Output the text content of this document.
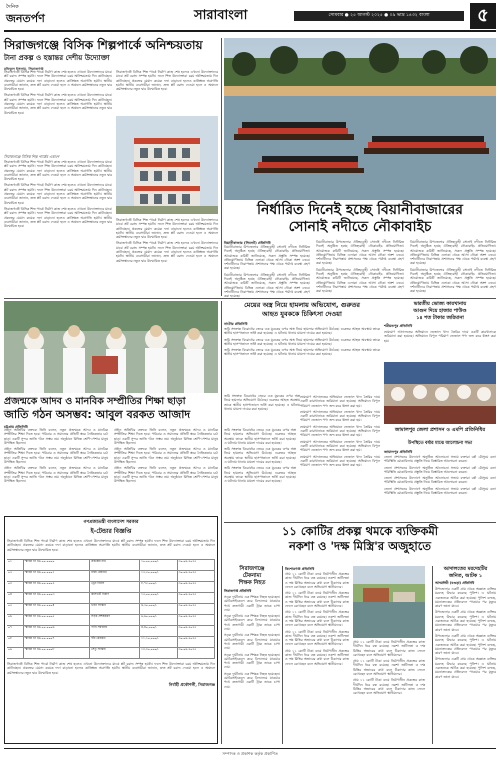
দৈনিক
জনতর্পণ	সারাবাংলা	সোমবার ● ২৫ আগস্ট ২০২৫ ● ০৯ ভাদ্র ১৪৩২ বাংলা	৫
সিরাজগঞ্জে বিসিক শিল্পপার্কে অনিশ্চয়তায়
টানা প্রকল্প ও হস্তান্তর দেশীয় উদ্যোক্তা
রফিকুল ইসলাম, সিরাজগঞ্জ

সিরাজগঞ্জে বিসিক শিল্প পার্কে নির্মাণ কাজ শেষ হলেও এখনো উদ্যোক্তাদের মাঝে প্লট বরাদ্দ সম্পন্ন হয়নি। ফলে শিল্প উদ্যোক্তারা চরম অনিশ্চয়তায় দিন কাটাচ্ছেন। প্রকল্পের মেয়াদ কয়েক দফা বাড়ানো হলেও কাঙ্ক্ষিত অগ্রগতি হয়নি। স্থানীয় ব্যবসায়ীরা জানান, দ্রুত প্লট বরাদ্দ দেওয়া হলে এ অঞ্চলে কর্মসংস্থানের নতুন দ্বার উন্মোচিত হবে।

সিরাজগঞ্জে বিসিক শিল্প পার্কে নির্মাণ কাজ শেষ হলেও এখনো উদ্যোক্তাদের মাঝে প্লট বরাদ্দ সম্পন্ন হয়নি। ফলে শিল্প উদ্যোক্তারা চরম অনিশ্চয়তায় দিন কাটাচ্ছেন। প্রকল্পের মেয়াদ কয়েক দফা বাড়ানো হলেও কাঙ্ক্ষিত অগ্রগতি হয়নি। স্থানীয় ব্যবসায়ীরা জানান, দ্রুত প্লট বরাদ্দ দেওয়া হলে এ অঞ্চলে কর্মসংস্থানের নতুন দ্বার উন্মোচিত হবে।

সিরাজগঞ্জে বিসিক শিল্প পার্কে নির্মাণ কাজ শেষ হলেও এখনো উদ্যোক্তাদের মাঝে প্লট বরাদ্দ সম্পন্ন হয়নি। ফলে শিল্প উদ্যোক্তারা চরম অনিশ্চয়তায় দিন কাটাচ্ছেন। প্রকল্পের মেয়াদ কয়েক দফা বাড়ানো হলেও কাঙ্ক্ষিত অগ্রগতি হয়নি। স্থানীয় ব্যবসায়ীরা জানান, দ্রুত প্লট বরাদ্দ দেওয়া হলে এ অঞ্চলে কর্মসংস্থানের নতুন দ্বার উন্মোচিত হবে।

সিরাজগঞ্জে বিসিক শিল্প পার্কের একাংশ

সিরাজগঞ্জে বিসিক শিল্প পার্কে নির্মাণ কাজ শেষ হলেও এখনো উদ্যোক্তাদের মাঝে প্লট বরাদ্দ সম্পন্ন হয়নি। ফলে শিল্প উদ্যোক্তারা চরম অনিশ্চয়তায় দিন কাটাচ্ছেন। প্রকল্পের মেয়াদ কয়েক দফা বাড়ানো হলেও কাঙ্ক্ষিত অগ্রগতি হয়নি। স্থানীয় ব্যবসায়ীরা জানান, দ্রুত প্লট বরাদ্দ দেওয়া হলে এ অঞ্চলে কর্মসংস্থানের নতুন দ্বার উন্মোচিত হবে।

সিরাজগঞ্জে বিসিক শিল্প পার্কে নির্মাণ কাজ শেষ হলেও এখনো উদ্যোক্তাদের মাঝে প্লট বরাদ্দ সম্পন্ন হয়নি। ফলে শিল্প উদ্যোক্তারা চরম অনিশ্চয়তায় দিন কাটাচ্ছেন। প্রকল্পের মেয়াদ কয়েক দফা বাড়ানো হলেও কাঙ্ক্ষিত অগ্রগতি হয়নি। স্থানীয় ব্যবসায়ীরা জানান, দ্রুত প্লট বরাদ্দ দেওয়া হলে এ অঞ্চলে কর্মসংস্থানের নতুন দ্বার উন্মোচিত হবে।

সিরাজগঞ্জে বিসিক শিল্প পার্কে নির্মাণ কাজ শেষ হলেও এখনো উদ্যোক্তাদের মাঝে প্লট বরাদ্দ সম্পন্ন হয়নি। ফলে শিল্প উদ্যোক্তারা চরম অনিশ্চয়তায় দিন কাটাচ্ছেন। প্রকল্পের মেয়াদ কয়েক দফা বাড়ানো হলেও কাঙ্ক্ষিত অগ্রগতি হয়নি। স্থানীয় ব্যবসায়ীরা জানান, দ্রুত প্লট বরাদ্দ দেওয়া হলে এ অঞ্চলে কর্মসংস্থানের নতুন দ্বার উন্মোচিত হবে।

সিরাজগঞ্জে বিসিক শিল্প পার্কে নির্মাণ কাজ শেষ হলেও এখনো উদ্যোক্তাদের মাঝে প্লট বরাদ্দ সম্পন্ন হয়নি। ফলে শিল্প উদ্যোক্তারা চরম অনিশ্চয়তায় দিন কাটাচ্ছেন। প্রকল্পের মেয়াদ কয়েক দফা বাড়ানো হলেও কাঙ্ক্ষিত অগ্রগতি হয়নি। স্থানীয় ব্যবসায়ীরা জানান, দ্রুত প্লট বরাদ্দ দেওয়া হলে এ অঞ্চলে কর্মসংস্থানের নতুন দ্বার উন্মোচিত হবে।

সিরাজগঞ্জে বিসিক শিল্প পার্কে নির্মাণ কাজ শেষ হলেও এখনো উদ্যোক্তাদের মাঝে প্লট বরাদ্দ সম্পন্ন হয়নি। ফলে শিল্প উদ্যোক্তারা চরম অনিশ্চয়তায় দিন কাটাচ্ছেন। প্রকল্পের মেয়াদ কয়েক দফা বাড়ানো হলেও কাঙ্ক্ষিত অগ্রগতি হয়নি। স্থানীয় ব্যবসায়ীরা জানান, দ্রুত প্লট বরাদ্দ দেওয়া হলে এ অঞ্চলে কর্মসংস্থানের নতুন দ্বার উন্মোচিত হবে।

নির্ধারিত দিনেই হচ্ছে বিয়ানীবাজারের
সোনাই নদীতে নৌকাবাইচ
বিয়ানীবাজার (সিলেট) প্রতিনিধি

বিয়ানীবাজার উপজেলার ঐতিহ্যবাহী সোনাই নদীতে নির্ধারিত দিনেই অনুষ্ঠিত হচ্ছে ঐতিহ্যবাহী নৌকাবাইচ প্রতিযোগিতা। আয়োজক কমিটি জানিয়েছে, সকল প্রস্তুতি সম্পন্ন হয়েছে। প্রতিযোগিতায় বিভিন্ন এলাকা থেকে আসা নৌকা অংশ নেবে। দর্শনার্থীদের নিরাপত্তায় প্রশাসনের পক্ষ থেকে পর্যাপ্ত ব্যবস্থা গ্রহণ করা হয়েছে।

বিয়ানীবাজার উপজেলার ঐতিহ্যবাহী সোনাই নদীতে নির্ধারিত দিনেই অনুষ্ঠিত হচ্ছে ঐতিহ্যবাহী নৌকাবাইচ প্রতিযোগিতা। আয়োজক কমিটি জানিয়েছে, সকল প্রস্তুতি সম্পন্ন হয়েছে। প্রতিযোগিতায় বিভিন্ন এলাকা থেকে আসা নৌকা অংশ নেবে। দর্শনার্থীদের নিরাপত্তায় প্রশাসনের পক্ষ থেকে পর্যাপ্ত ব্যবস্থা গ্রহণ করা হয়েছে।

বিয়ানীবাজার উপজেলার ঐতিহ্যবাহী সোনাই নদীতে নির্ধারিত দিনেই অনুষ্ঠিত হচ্ছে ঐতিহ্যবাহী নৌকাবাইচ প্রতিযোগিতা। আয়োজক কমিটি জানিয়েছে, সকল প্রস্তুতি সম্পন্ন হয়েছে। প্রতিযোগিতায় বিভিন্ন এলাকা থেকে আসা নৌকা অংশ নেবে। দর্শনার্থীদের নিরাপত্তায় প্রশাসনের পক্ষ থেকে পর্যাপ্ত ব্যবস্থা গ্রহণ করা হয়েছে।

বিয়ানীবাজার উপজেলার ঐতিহ্যবাহী সোনাই নদীতে নির্ধারিত দিনেই অনুষ্ঠিত হচ্ছে ঐতিহ্যবাহী নৌকাবাইচ প্রতিযোগিতা। আয়োজক কমিটি জানিয়েছে, সকল প্রস্তুতি সম্পন্ন হয়েছে। প্রতিযোগিতায় বিভিন্ন এলাকা থেকে আসা নৌকা অংশ নেবে। দর্শনার্থীদের নিরাপত্তায় প্রশাসনের পক্ষ থেকে পর্যাপ্ত ব্যবস্থা গ্রহণ করা হয়েছে।

বিয়ানীবাজার উপজেলার ঐতিহ্যবাহী সোনাই নদীতে নির্ধারিত দিনেই অনুষ্ঠিত হচ্ছে ঐতিহ্যবাহী নৌকাবাইচ প্রতিযোগিতা। আয়োজক কমিটি জানিয়েছে, সকল প্রস্তুতি সম্পন্ন হয়েছে। প্রতিযোগিতায় বিভিন্ন এলাকা থেকে আসা নৌকা অংশ নেবে। দর্শনার্থীদের নিরাপত্তায় প্রশাসনের পক্ষ থেকে পর্যাপ্ত ব্যবস্থা গ্রহণ করা হয়েছে।

বিয়ানীবাজার উপজেলার ঐতিহ্যবাহী সোনাই নদীতে নির্ধারিত দিনেই অনুষ্ঠিত হচ্ছে ঐতিহ্যবাহী নৌকাবাইচ প্রতিযোগিতা। আয়োজক কমিটি জানিয়েছে, সকল প্রস্তুতি সম্পন্ন হয়েছে। প্রতিযোগিতায় বিভিন্ন এলাকা থেকে আসা নৌকা অংশ নেবে। দর্শনার্থীদের নিরাপত্তায় প্রশাসনের পক্ষ থেকে পর্যাপ্ত ব্যবস্থা গ্রহণ করা হয়েছে।

প্রজন্মকে আদব ও মানবিক সম্প্রীতির শিক্ষা ছাড়া
জাতি গঠন অসম্ভব: আবুল বরকত আজাদ
চট্টগ্রাম প্রতিনিধি

প্রধান অতিথির বক্তব্যে তিনি বলেন, নতুন প্রজন্মকে আদব ও মানবিক সম্প্রীতির শিক্ষা দিতে হবে। পরিবার ও সমাজের প্রতিটি স্তরে নৈতিকতার চর্চা ছাড়া একটি সুন্দর জাতি গঠন সম্ভব নয়। অনুষ্ঠানে বিভিন্ন শ্রেণি-পেশার মানুষ উপস্থিত ছিলেন।

প্রধান অতিথির বক্তব্যে তিনি বলেন, নতুন প্রজন্মকে আদব ও মানবিক সম্প্রীতির শিক্ষা দিতে হবে। পরিবার ও সমাজের প্রতিটি স্তরে নৈতিকতার চর্চা ছাড়া একটি সুন্দর জাতি গঠন সম্ভব নয়। অনুষ্ঠানে বিভিন্ন শ্রেণি-পেশার মানুষ উপস্থিত ছিলেন।

প্রধান অতিথির বক্তব্যে তিনি বলেন, নতুন প্রজন্মকে আদব ও মানবিক সম্প্রীতির শিক্ষা দিতে হবে। পরিবার ও সমাজের প্রতিটি স্তরে নৈতিকতার চর্চা ছাড়া একটি সুন্দর জাতি গঠন সম্ভব নয়। অনুষ্ঠানে বিভিন্ন শ্রেণি-পেশার মানুষ উপস্থিত ছিলেন।

প্রধান অতিথির বক্তব্যে তিনি বলেন, নতুন প্রজন্মকে আদব ও মানবিক সম্প্রীতির শিক্ষা দিতে হবে। পরিবার ও সমাজের প্রতিটি স্তরে নৈতিকতার চর্চা ছাড়া একটি সুন্দর জাতি গঠন সম্ভব নয়। অনুষ্ঠানে বিভিন্ন শ্রেণি-পেশার মানুষ উপস্থিত ছিলেন।

প্রধান অতিথির বক্তব্যে তিনি বলেন, নতুন প্রজন্মকে আদব ও মানবিক সম্প্রীতির শিক্ষা দিতে হবে। পরিবার ও সমাজের প্রতিটি স্তরে নৈতিকতার চর্চা ছাড়া একটি সুন্দর জাতি গঠন সম্ভব নয়। অনুষ্ঠানে বিভিন্ন শ্রেণি-পেশার মানুষ উপস্থিত ছিলেন।

প্রধান অতিথির বক্তব্যে তিনি বলেন, নতুন প্রজন্মকে আদব ও মানবিক সম্প্রীতির শিক্ষা দিতে হবে। পরিবার ও সমাজের প্রতিটি স্তরে নৈতিকতার চর্চা ছাড়া একটি সুন্দর জাতি গঠন সম্ভব নয়। অনুষ্ঠানে বিভিন্ন শ্রেণি-পেশার মানুষ উপস্থিত ছিলেন।

গণপ্রজাতন্ত্রী বাংলাদেশ সরকার
ই-টেন্ডার বিজ্ঞপ্তি

সিরাজগঞ্জে বিসিক শিল্প পার্কে নির্মাণ কাজ শেষ হলেও এখনো উদ্যোক্তাদের মাঝে প্লট বরাদ্দ সম্পন্ন হয়নি। ফলে শিল্প উদ্যোক্তারা চরম অনিশ্চয়তায় দিন কাটাচ্ছেন। প্রকল্পের মেয়াদ কয়েক দফা বাড়ানো হলেও কাঙ্ক্ষিত অগ্রগতি হয়নি। স্থানীয় ব্যবসায়ীরা জানান, দ্রুত প্লট বরাদ্দ দেওয়া হলে এ অঞ্চলে কর্মসংস্থানের নতুন দ্বার উন্মোচিত হবে।

০১	স্মারক নং ৪৬.০০.০০০০	প্রকল্পের নাম	১০,০০,০০০/-	৩০-০৯-২০২৫
০২	স্মারক নং ৪৬.০০.০০০১	রাস্তা মেরামত	১২,৫০,০০০/-	৩০-০৯-২০২৫
০৩	স্মারক নং ৪৬.০০.০০০২	ড্রেন নির্মাণ	৮,৭৫,০০০/-	৩০-০৯-২০২৫
০৪	স্মারক নং ৪৬.০০.০০০৩	কালভার্ট নির্মাণ	১৫,০০,০০০/-	৩০-০৯-২০২৫
০৫	স্মারক নং ৪৬.০০.০০০৪	ভবন সংস্কার	৬,২০,০০০/-	৩০-০৯-২০২৫
০৬	স্মারক নং ৪৬.০০.০০০৫	সড়ক প্রশস্তকরণ	৯,৯০,০০০/-	৩০-০৯-২০২৫
০৭	স্মারক নং ৪৬.০০.০০০৬	পানি সরবরাহ	৪,৪০,০০০/-	৩০-০৯-২০২৫
০৮	স্মারক নং ৪৬.০০.০০০৭	বাঁধ মেরামত	১১,১০,০০০/-	৩০-০৯-২০২৫
০৯	স্মারক নং ৪৬.০০.০০০৮	সেতু সংস্কার	১৩,৩০,০০০/-	৩০-০৯-২০২৫

সিরাজগঞ্জে বিসিক শিল্প পার্কে নির্মাণ কাজ শেষ হলেও এখনো উদ্যোক্তাদের মাঝে প্লট বরাদ্দ সম্পন্ন হয়নি। ফলে শিল্প উদ্যোক্তারা চরম অনিশ্চয়তায় দিন কাটাচ্ছেন। প্রকল্পের মেয়াদ কয়েক দফা বাড়ানো হলেও কাঙ্ক্ষিত অগ্রগতি হয়নি। স্থানীয় ব্যবসায়ীরা জানান, দ্রুত প্লট বরাদ্দ দেওয়া হলে এ অঞ্চলে কর্মসংস্থানের নতুন দ্বার উন্মোচিত হবে।

নির্বাহী প্রকৌশলী, সিরাজগঞ্জ
মেয়ের অস্ত্র নিয়ে হামলায় অভিযোগ, গুরুতর
আহত যুবককে চিকিৎসা দেওয়া
নাটোর প্রতিনিধি

জমি সংক্রান্ত বিরোধের জেরে এক যুবকের ওপর অস্ত্র নিয়ে হামলার অভিযোগ উঠেছে। গুরুতর আহত অবস্থায় তাকে স্থানীয় হাসপাতালে ভর্তি করা হয়েছে। এ ঘটনায় থানায় মামলা দায়ের করা হয়েছে।

জমি সংক্রান্ত বিরোধের জেরে এক যুবকের ওপর অস্ত্র নিয়ে হামলার অভিযোগ উঠেছে। গুরুতর আহত অবস্থায় তাকে স্থানীয় হাসপাতালে ভর্তি করা হয়েছে। এ ঘটনায় থানায় মামলা দায়ের করা হয়েছে।

জমি সংক্রান্ত বিরোধের জেরে এক যুবকের ওপর অস্ত্র নিয়ে হামলার অভিযোগ উঠেছে। গুরুতর আহত অবস্থায় তাকে স্থানীয় হাসপাতালে ভর্তি করা হয়েছে। এ ঘটনায় থানায় মামলা দায়ের করা হয়েছে।

ভারতীয় ভোজ্য কারখানায়
আগুন দিয়ে হাজার পাউণ্ড
১৪ শত টাকার জরিমানা
শরীয়তপুর প্রতিনিধি

ভ্রাম্যমাণ আদালতের অভিযানে ভেজাল খাদ্য তৈরির দায়ে একটি কারখানাকে জরিমানা করা হয়েছে। অভিযানে বিপুল পরিমাণ ভেজাল পণ্য জব্দ করে ধ্বংস করা হয়।

জমি সংক্রান্ত বিরোধের জেরে এক যুবকের ওপর অস্ত্র নিয়ে হামলার অভিযোগ উঠেছে। গুরুতর আহত অবস্থায় তাকে স্থানীয় হাসপাতালে ভর্তি করা হয়েছে। এ ঘটনায় থানায় মামলা দায়ের করা হয়েছে।

জামালপুর জেলা প্রশাসন ও এমপি প্রতিনিধির
উপস্থিতে বর্ষার মাঝে আলোচনা সভা
জামালপুর প্রতিনিধি

জেলা প্রশাসনের উদ্যোগে অনুষ্ঠিত আলোচনা সভায় বক্তারা বর্ষা মৌসুমে বন্যা পরিস্থিতি মোকাবিলায় প্রস্তুতি নিয়ে বিস্তারিত আলোচনা করেন।

জেলা প্রশাসনের উদ্যোগে অনুষ্ঠিত আলোচনা সভায় বক্তারা বর্ষা মৌসুমে বন্যা পরিস্থিতি মোকাবিলায় প্রস্তুতি নিয়ে বিস্তারিত আলোচনা করেন।

জেলা প্রশাসনের উদ্যোগে অনুষ্ঠিত আলোচনা সভায় বক্তারা বর্ষা মৌসুমে বন্যা পরিস্থিতি মোকাবিলায় প্রস্তুতি নিয়ে বিস্তারিত আলোচনা করেন।

জেলা প্রশাসনের উদ্যোগে অনুষ্ঠিত আলোচনা সভায় বক্তারা বর্ষা মৌসুমে বন্যা পরিস্থিতি মোকাবিলায় প্রস্তুতি নিয়ে বিস্তারিত আলোচনা করেন।

ভ্রাম্যমাণ আদালতের অভিযানে ভেজাল খাদ্য তৈরির দায়ে একটি কারখানাকে জরিমানা করা হয়েছে। অভিযানে বিপুল পরিমাণ ভেজাল পণ্য জব্দ করে ধ্বংস করা হয়।

ভ্রাম্যমাণ আদালতের অভিযানে ভেজাল খাদ্য তৈরির দায়ে একটি কারখানাকে জরিমানা করা হয়েছে। অভিযানে বিপুল পরিমাণ ভেজাল পণ্য জব্দ করে ধ্বংস করা হয়।

ভ্রাম্যমাণ আদালতের অভিযানে ভেজাল খাদ্য তৈরির দায়ে একটি কারখানাকে জরিমানা করা হয়েছে। অভিযানে বিপুল পরিমাণ ভেজাল পণ্য জব্দ করে ধ্বংস করা হয়।

ভ্রাম্যমাণ আদালতের অভিযানে ভেজাল খাদ্য তৈরির দায়ে একটি কারখানাকে জরিমানা করা হয়েছে। অভিযানে বিপুল পরিমাণ ভেজাল পণ্য জব্দ করে ধ্বংস করা হয়।

ভ্রাম্যমাণ আদালতের অভিযানে ভেজাল খাদ্য তৈরির দায়ে একটি কারখানাকে জরিমানা করা হয়েছে। অভিযানে বিপুল পরিমাণ ভেজাল পণ্য জব্দ করে ধ্বংস করা হয়।

জমি সংক্রান্ত বিরোধের জেরে এক যুবকের ওপর অস্ত্র নিয়ে হামলার অভিযোগ উঠেছে। গুরুতর আহত অবস্থায় তাকে স্থানীয় হাসপাতালে ভর্তি করা হয়েছে। এ ঘটনায় থানায় মামলা দায়ের করা হয়েছে।

জমি সংক্রান্ত বিরোধের জেরে এক যুবকের ওপর অস্ত্র নিয়ে হামলার অভিযোগ উঠেছে। গুরুতর আহত অবস্থায় তাকে স্থানীয় হাসপাতালে ভর্তি করা হয়েছে। এ ঘটনায় থানায় মামলা দায়ের করা হয়েছে।

জমি সংক্রান্ত বিরোধের জেরে এক যুবকের ওপর অস্ত্র নিয়ে হামলার অভিযোগ উঠেছে। গুরুতর আহত অবস্থায় তাকে স্থানীয় হাসপাতালে ভর্তি করা হয়েছে। এ ঘটনায় থানায় মামলা দায়ের করা হয়েছে।

১১ কোটির প্রকল্প থমকে ব্যক্তিকমী
নকশা ও 'দক্ষ মিস্ত্রি'র অজুহাতে
সিরাজগঞ্জে
টেকনাম্য
শিক্ষক নিহত
সিরাজগঞ্জ প্রতিনিধি

সড়ক দুর্ঘটনায় এক শিক্ষক নিহত হয়েছেন। মোটরসাইকেলে করে বিদ্যালয়ে যাওয়ার পথে দ্রুতগামী একটি ট্রাক তাকে চাপা দেয়।

সড়ক দুর্ঘটনায় এক শিক্ষক নিহত হয়েছেন। মোটরসাইকেলে করে বিদ্যালয়ে যাওয়ার পথে দ্রুতগামী একটি ট্রাক তাকে চাপা দেয়।

সড়ক দুর্ঘটনায় এক শিক্ষক নিহত হয়েছেন। মোটরসাইকেলে করে বিদ্যালয়ে যাওয়ার পথে দ্রুতগামী একটি ট্রাক তাকে চাপা দেয়।

সড়ক দুর্ঘটনায় এক শিক্ষক নিহত হয়েছেন। মোটরসাইকেলে করে বিদ্যালয়ে যাওয়ার পথে দ্রুতগামী একটি ট্রাক তাকে চাপা দেয়।

সড়ক দুর্ঘটনায় এক শিক্ষক নিহত হয়েছেন। মোটরসাইকেলে করে বিদ্যালয়ে যাওয়ার পথে দ্রুতগামী একটি ট্রাক তাকে চাপা দেয়।

কিশোরগঞ্জ প্রতিনিধি

প্রায় ১১ কোটি টাকা ব্যয়ে নির্মাণাধীন প্রকল্পের কাজ দীর্ঘদিন ধরে বন্ধ রয়েছে। নকশা জটিলতা ও দক্ষ মিস্ত্রির অভাবের কথা বলে ঠিকাদার কাজ ফেলে রেখেছেন বলে অভিযোগ স্থানীয়দের।

প্রায় ১১ কোটি টাকা ব্যয়ে নির্মাণাধীন প্রকল্পের কাজ দীর্ঘদিন ধরে বন্ধ রয়েছে। নকশা জটিলতা ও দক্ষ মিস্ত্রির অভাবের কথা বলে ঠিকাদার কাজ ফেলে রেখেছেন বলে অভিযোগ স্থানীয়দের।

প্রায় ১১ কোটি টাকা ব্যয়ে নির্মাণাধীন প্রকল্পের কাজ দীর্ঘদিন ধরে বন্ধ রয়েছে। নকশা জটিলতা ও দক্ষ মিস্ত্রির অভাবের কথা বলে ঠিকাদার কাজ ফেলে রেখেছেন বলে অভিযোগ স্থানীয়দের।

প্রায় ১১ কোটি টাকা ব্যয়ে নির্মাণাধীন প্রকল্পের কাজ দীর্ঘদিন ধরে বন্ধ রয়েছে। নকশা জটিলতা ও দক্ষ মিস্ত্রির অভাবের কথা বলে ঠিকাদার কাজ ফেলে রেখেছেন বলে অভিযোগ স্থানীয়দের।

প্রায় ১১ কোটি টাকা ব্যয়ে নির্মাণাধীন প্রকল্পের কাজ দীর্ঘদিন ধরে বন্ধ রয়েছে। নকশা জটিলতা ও দক্ষ মিস্ত্রির অভাবের কথা বলে ঠিকাদার কাজ ফেলে রেখেছেন বলে অভিযোগ স্থানীয়দের।

প্রায় ১১ কোটি টাকা ব্যয়ে নির্মাণাধীন প্রকল্পের কাজ দীর্ঘদিন ধরে বন্ধ রয়েছে। নকশা জটিলতা ও দক্ষ মিস্ত্রির অভাবের কথা বলে ঠিকাদার কাজ ফেলে রেখেছেন বলে অভিযোগ স্থানীয়দের।

প্রায় ১১ কোটি টাকা ব্যয়ে নির্মাণাধীন প্রকল্পের কাজ দীর্ঘদিন ধরে বন্ধ রয়েছে। নকশা জটিলতা ও দক্ষ মিস্ত্রির অভাবের কথা বলে ঠিকাদার কাজ ফেলে রেখেছেন বলে অভিযোগ স্থানীয়দের।

প্রায় ১১ কোটি টাকা ব্যয়ে নির্মাণাধীন প্রকল্পের কাজ দীর্ঘদিন ধরে বন্ধ রয়েছে। নকশা জটিলতা ও দক্ষ মিস্ত্রির অভাবের কথা বলে ঠিকাদার কাজ ফেলে রেখেছেন বলে অভিযোগ স্থানীয়দের।

আদালতের মরদেহটির
জনিত, আটক ১
আদমদিঘী (বগুড়া) প্রতিনিধি

উপজেলার একটি গ্রাম থেকে অজ্ঞাত ব্যক্তির মরদেহ উদ্ধার করেছে পুলিশ। এ ঘটনায় একজনকে আটক করা হয়েছে। পুলিশ বলছে, ময়নাতদন্তের প্রতিবেদন পাওয়ার পর মৃত্যুর কারণ জানা যাবে।

উপজেলার একটি গ্রাম থেকে অজ্ঞাত ব্যক্তির মরদেহ উদ্ধার করেছে পুলিশ। এ ঘটনায় একজনকে আটক করা হয়েছে। পুলিশ বলছে, ময়নাতদন্তের প্রতিবেদন পাওয়ার পর মৃত্যুর কারণ জানা যাবে।

উপজেলার একটি গ্রাম থেকে অজ্ঞাত ব্যক্তির মরদেহ উদ্ধার করেছে পুলিশ। এ ঘটনায় একজনকে আটক করা হয়েছে। পুলিশ বলছে, ময়নাতদন্তের প্রতিবেদন পাওয়ার পর মৃত্যুর কারণ জানা যাবে।

উপজেলার একটি গ্রাম থেকে অজ্ঞাত ব্যক্তির মরদেহ উদ্ধার করেছে পুলিশ। এ ঘটনায় একজনকে আটক করা হয়েছে। পুলিশ বলছে, ময়নাতদন্তের প্রতিবেদন পাওয়ার পর মৃত্যুর কারণ জানা যাবে।

সম্পাদক ও প্রকাশক কর্তৃক প্রকাশিত
